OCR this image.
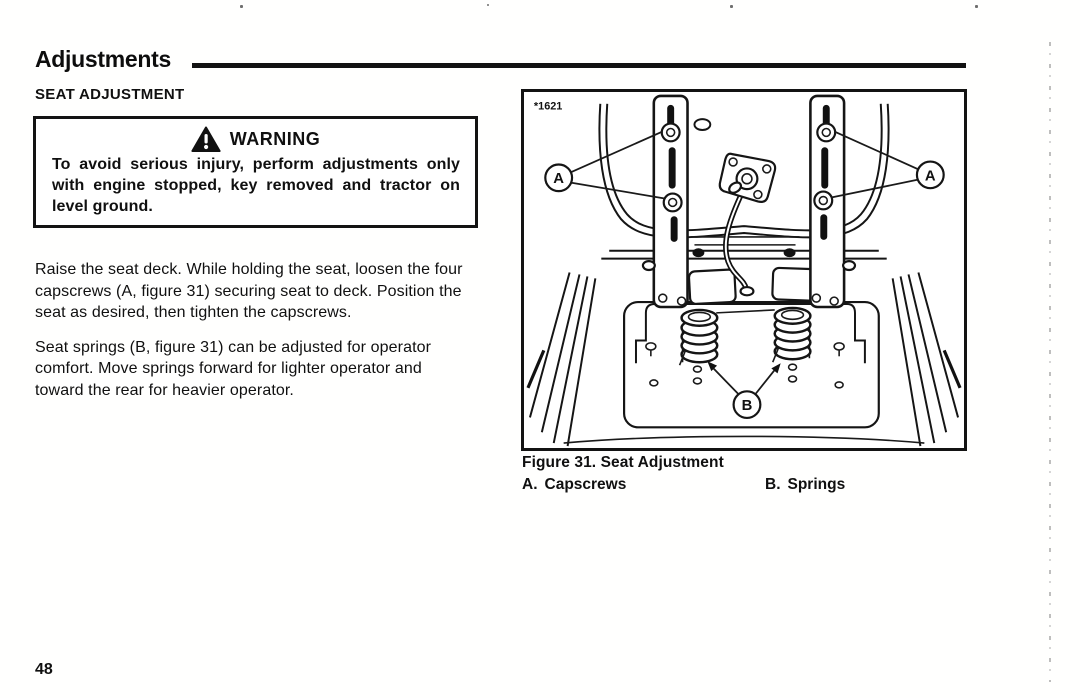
Adjustments
SEAT ADJUSTMENT
WARNING
To avoid serious injury, perform adjustments only with engine stopped, key removed and tractor on level ground.

Raise the seat deck. While holding the seat, loosen the four capscrews (A, figure 31) securing seat to deck. Position the seat as desired, then tighten the capscrews.

Seat springs (B, figure 31) can be adjusted for operator comfort. Move springs forward for lighter operator and toward the rear for heavier operator.

*1621
A	A
B
Figure 31. Seat Adjustment
A. Capscrews	B. Springs
48
